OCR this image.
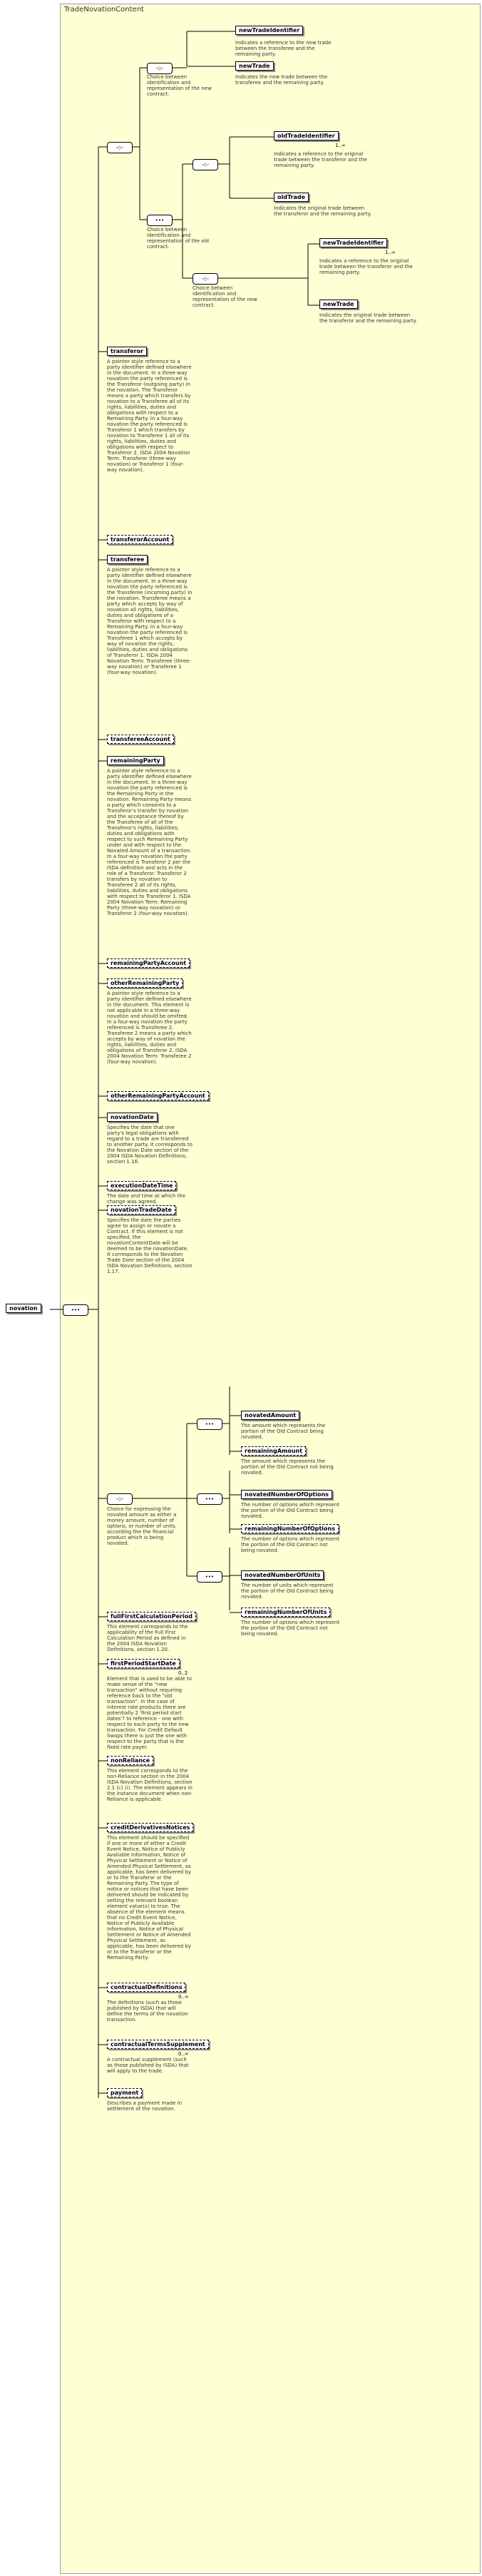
TradeNovationContent
novation	•••
-◇-
-◇-
Choice between identification and representation of the new contract.
newTradeIdentifier
Indicates a reference to the new trade between the transferee and the remaining party.
newTrade
Indicates the new trade between the transferee and the remaining party.
•••
Choice between identification and representation of the old contract.
-◇-
oldTradeIdentifier
1..∞
Indicates a reference to the original trade between the transferor and the remaining party.
oldTrade
Indicates the original trade between the transferor and the remaining party.
-◇-
Choice between identification and representation of the new contract.
newTradeIdentifier
1..∞
Indicates a reference to the original trade between the transferor and the remaining party.
newTrade
Indicates the original trade between the transferor and the remaining party.
-◇-
Choice for expressing the novated amount as either a money amount, number of options, or number of units, according the the financial product which is being novated.
•••
•••
•••
transferor
A pointer style reference to a party identifier defined elsewhere in the document. In a three-way novation the party referenced is the Transferor (outgoing party) in the novation. The Transferor means a party which transfers by novation to a Transferee all of its rights, liabilities, duties and obligations with respect to a Remaining Party. In a four-way novation the party referenced is Transferor 1 which transfers by novation to Transferee 1 all of its rights, liabilities, duties and obligations with respect to Transferor 2. ISDA 2004 Novation Term: Transferor (three-way novation) or Transferor 1 (four-way novation).
transferorAccount
transferee
A pointer style reference to a party identifier defined elsewhere in the document. In a three-way novation the party referenced is the Transferee (incoming party) in the novation. Transferee means a party which accepts by way of novation all rights, liabilities, duties and obligations of a Transferor with respect to a Remaining Party. In a four-way novation the party referenced is Transferee 1 which accepts by way of novation the rights, liabilities, duties and obligations of Transferor 1. ISDA 2004 Novation Term: Transferee (three-way novation) or Transferee 1 (four-way novation).
transfereeAccount
remainingParty
A pointer style reference to a party identifier defined elsewhere in the document. In a three-way novation the party referenced is the Remaining Party in the novation. Remaining Party means a party which consents to a Transferor's transfer by novation and the acceptance thereof by the Transferee of all of the Transferor's rights, liabilities, duties and obligations with respect to such Remaining Party under and with respect to the Novated Amount of a transaction. In a four-way novation the party referenced is Transferor 2 per the ISDA definition and acts in the role of a Transferor. Transferor 2 transfers by novation to Transferee 2 all of its rights, liabilities, duties and obligations with respect to Transferor 1. ISDA 2004 Novation Term: Remaining Party (three-way novation) or Transferor 2 (four-way novation).
remainingPartyAccount
otherRemainingParty
A pointer style reference to a party identifier defined elsewhere in the document. This element is not applicable in a three-way novation and should be omitted. In a four-way novation the party referenced is Transferee 2. Transferee 2 means a party which accepts by way of novation the rights, liabilities, duties and obligations of Transferor 2. ISDA 2004 Novation Term: Transferee 2 (four-way novation).
otherRemainingPartyAccount
novationDate
Specifies the date that one party's legal obligations with regard to a trade are transferred to another party. It corresponds to the Novation Date section of the 2004 ISDA Novation Definitions, section 1.16.
executionDateTime
The date and time at which the change was agreed.
novationTradeDate
Specifies the date the parties agree to assign or novate a Contract. If this element is not specified, the novationContentDate will be deemed to be the novationDate. It corresponds to the Novation Trade Date section of the 2004 ISDA Novation Definitions, section 1.17.
fullFirstCalculationPeriod
This element corresponds to the applicability of the Full First Calculation Period as defined in the 2004 ISDA Novation Definitions, section 1.20.
firstPeriodStartDate
0..2
Element that is used to be able to make sense of the "new transaction" without requiring reference back to the "old transaction". In the case of interest rate products there are potentially 2 'first period start dates'? to reference - one with respect to each party to the new transaction. For Credit Default Swaps there is just the one with respect to the party that is the fixed rate payer.
nonReliance
This element corresponds to the non-Reliance section in the 2004 ISDA Novation Definitions, section 2.1 (c) (i). The element appears in the instance document when non-Reliance is applicable.
creditDerivativesNotices
This element should be specified if one or more of either a Credit Event Notice, Notice of Publicly Available Information, Notice of Physical Settlement or Notice of Amended Physical Settlement, as applicable, has been delivered by or to the Transferor or the Remaining Party. The type of notice or notices that have been delivered should be indicated by setting the relevant boolean element value(s) to true. The absence of the element means that no Credit Event Notice, Notice of Publicly Available Information, Notice of Physical Settlement or Notice of Amended Physical Settlement, as applicable, has been delivered by or to the Transferor or the Remaining Party.
contractualDefinitions
0..∞
The definitions (such as those published by ISDA) that will define the terms of the novation transaction.
contractualTermsSupplement
0..∞
A contractual supplement (such as those published by ISDA) that will apply to the trade.
payment
Describes a payment made in settlement of the novation.
novatedAmount
The amount which represents the portion of the Old Contract being novated.
remainingAmount
The amount which represents the portion of the Old Contract not being novated.
novatedNumberOfOptions
The number of options which represent the portion of the Old Contract being novated.
remainingNumberOfOptions
The number of options which represent the portion of the Old Contract not being novated.
novatedNumberOfUnits
The number of units which represent the portion of the Old Contract being novated.
remainingNumberOfUnits
The number of options which represent the portion of the Old Contract not being novated.
